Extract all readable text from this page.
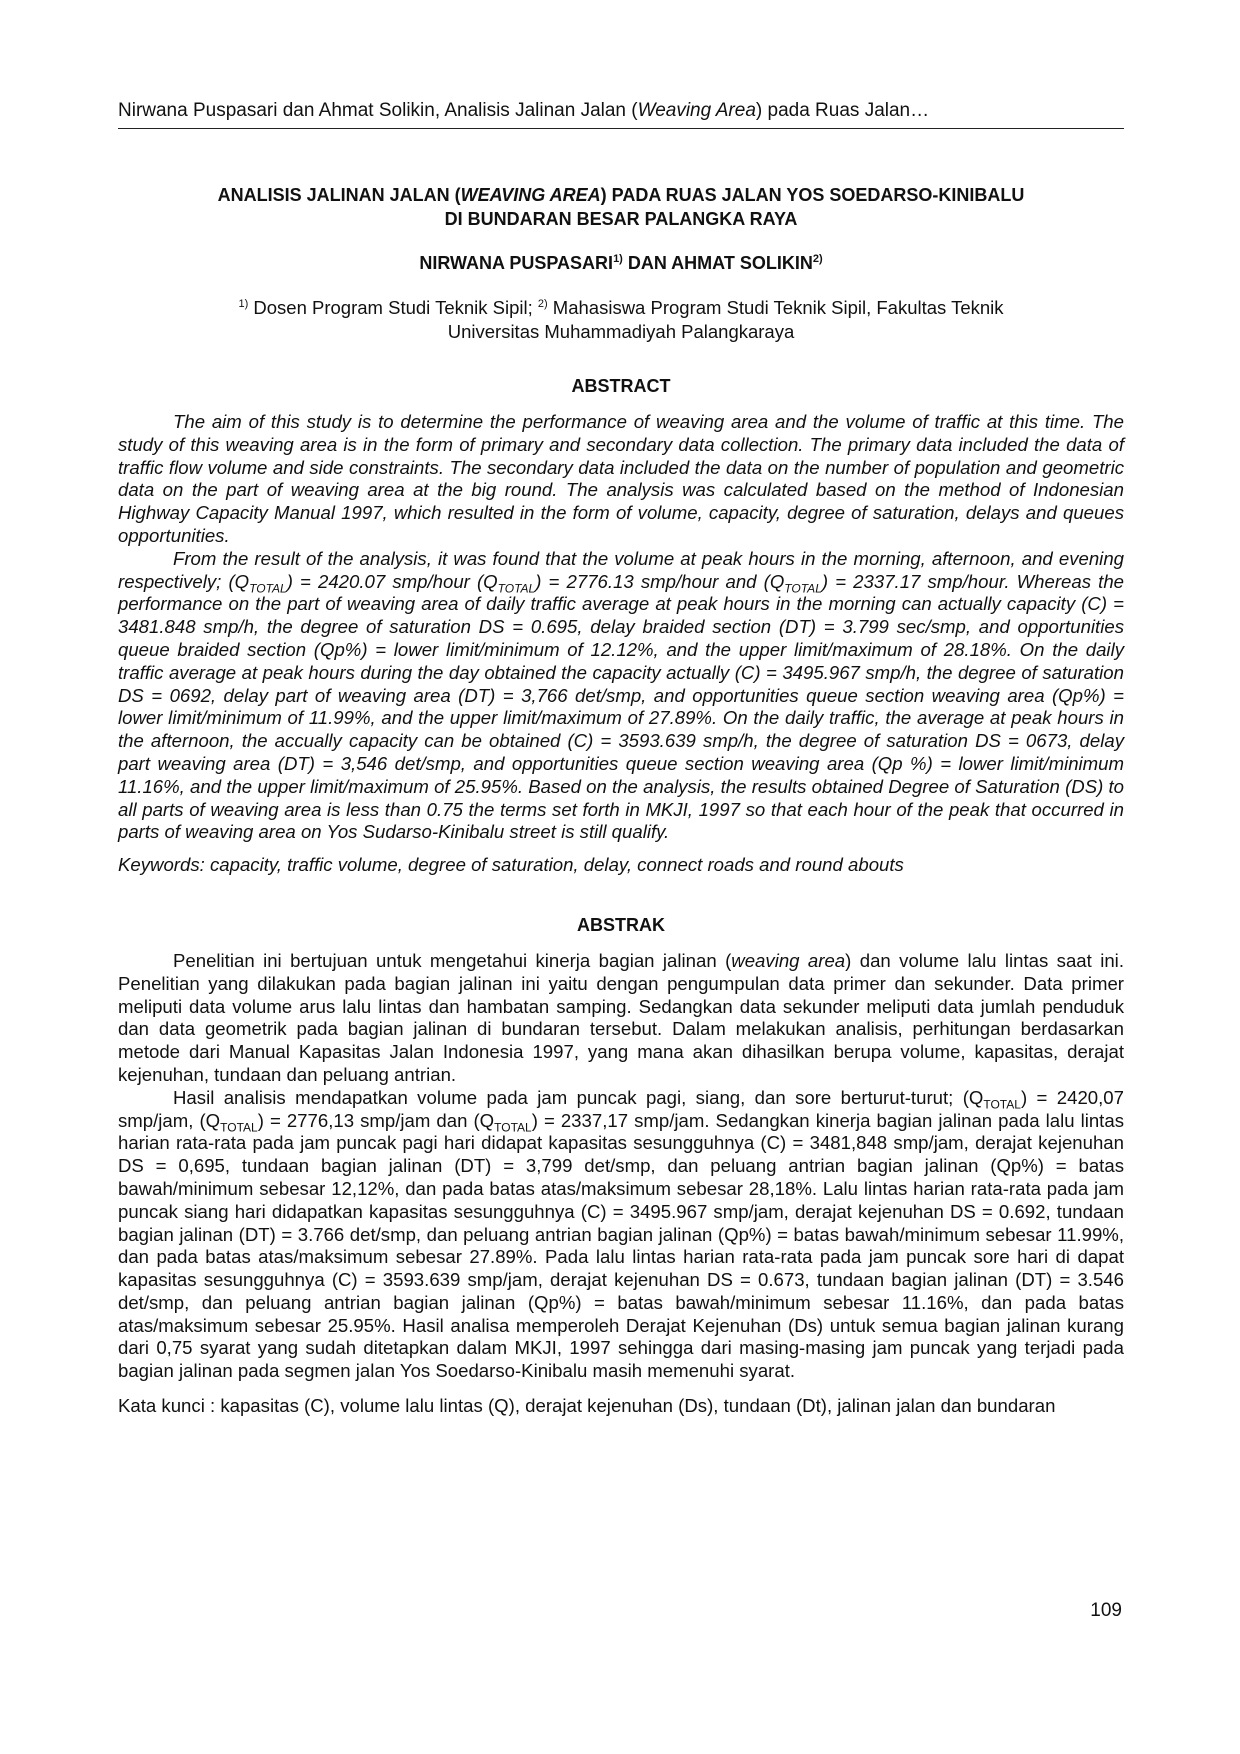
Nirwana Puspasari dan Ahmat Solikin, Analisis Jalinan Jalan (Weaving Area) pada Ruas Jalan…
ANALISIS JALINAN JALAN (WEAVING AREA) PADA RUAS JALAN YOS SOEDARSO-KINIBALU
DI BUNDARAN BESAR PALANGKA RAYA
NIRWANA PUSPASARI$^{1)}$ DAN AHMAT SOLIKIN$^{2)}$
$^{1)}$ Dosen Program Studi Teknik Sipil; $^{2)}$ Mahasiswa Program Studi Teknik Sipil, Fakultas Teknik
Universitas Muhammadiyah Palangkaraya
ABSTRACT

The aim of this study is to determine the performance of weaving area and the volume of traffic at this time. The study of this weaving area is in the form of primary and secondary data collection. The primary data included the data of traffic flow volume and side constraints. The secondary data included the data on the number of population and geometric data on the part of weaving area at the big round. The analysis was calculated based on the method of Indonesian Highway Capacity Manual 1997, which resulted in the form of volume, capacity, degree of saturation, delays and queues opportunities.

From the result of the analysis, it was found that the volume at peak hours in the morning, afternoon, and evening respectively; $(Q_{TOTAL}) = 2420.07$ smp/hour $(Q_{TOTAL}) = 2776.13$ smp/hour and $(Q_{TOTAL}) = 2337.17$ smp/hour. Whereas the performance on the part of weaving area of daily traffic average at peak hours in the morning can actually capacity (C) = 3481.848 smp/h, the degree of saturation DS = 0.695, delay braided section (DT) = 3.799 sec/smp, and opportunities queue braided section (Qp%) = lower limit/minimum of 12.12%, and the upper limit/maximum of 28.18%. On the daily traffic average at peak hours during the day obtained the capacity actually (C) = 3495.967 smp/h, the degree of saturation DS = 0692, delay part of weaving area (DT) = 3,766 det/smp, and opportunities queue section weaving area (Qp%) = lower limit/minimum of 11.99%, and the upper limit/maximum of 27.89%. On the daily traffic, the average at peak hours in the afternoon, the accually capacity can be obtained (C) = 3593.639 smp/h, the degree of saturation DS = 0673, delay part weaving area (DT) = 3,546 det/smp, and opportunities queue section weaving area (Qp %) = lower limit/minimum 11.16%, and the upper limit/maximum of 25.95%. Based on the analysis, the results obtained Degree of Saturation (DS) to all parts of weaving area is less than 0.75 the terms set forth in MKJI, 1997 so that each hour of the peak that occurred in parts of weaving area on Yos Sudarso-Kinibalu street is still qualify.

Keywords: capacity, traffic volume, degree of saturation, delay, connect roads and round abouts
ABSTRAK

Penelitian ini bertujuan untuk mengetahui kinerja bagian jalinan (weaving area) dan volume lalu lintas saat ini. Penelitian yang dilakukan pada bagian jalinan ini yaitu dengan pengumpulan data primer dan sekunder. Data primer meliputi data volume arus lalu lintas dan hambatan samping. Sedangkan data sekunder meliputi data jumlah penduduk dan data geometrik pada bagian jalinan di bundaran tersebut. Dalam melakukan analisis, perhitungan berdasarkan metode dari Manual Kapasitas Jalan Indonesia 1997, yang mana akan dihasilkan berupa volume, kapasitas, derajat kejenuhan, tundaan dan peluang antrian.

Hasil analisis mendapatkan volume pada jam puncak pagi, siang, dan sore berturut-turut; $(Q_{TOTAL}) = 2420,07$ smp/jam, $(Q_{TOTAL}) = 2776,13$ smp/jam dan $(Q_{TOTAL}) = 2337,17$ smp/jam. Sedangkan kinerja bagian jalinan pada lalu lintas harian rata-rata pada jam puncak pagi hari didapat kapasitas sesungguhnya (C) = 3481,848 smp/jam, derajat kejenuhan DS = 0,695, tundaan bagian jalinan (DT) = 3,799 det/smp, dan peluang antrian bagian jalinan (Qp%) = batas bawah/minimum sebesar 12,12%, dan pada batas atas/maksimum sebesar 28,18%. Lalu lintas harian rata-rata pada jam puncak siang hari didapatkan kapasitas sesungguhnya (C) = 3495.967 smp/jam, derajat kejenuhan DS = 0.692, tundaan bagian jalinan (DT) = 3.766 det/smp, dan peluang antrian bagian jalinan (Qp%) = batas bawah/minimum sebesar 11.99%, dan pada batas atas/maksimum sebesar 27.89%. Pada lalu lintas harian rata-rata pada jam puncak sore hari di dapat kapasitas sesungguhnya (C) = 3593.639 smp/jam, derajat kejenuhan DS = 0.673, tundaan bagian jalinan (DT) = 3.546 det/smp, dan peluang antrian bagian jalinan (Qp%) = batas bawah/minimum sebesar 11.16%, dan pada batas atas/maksimum sebesar 25.95%. Hasil analisa memperoleh Derajat Kejenuhan (Ds) untuk semua bagian jalinan kurang dari 0,75 syarat yang sudah ditetapkan dalam MKJI, 1997 sehingga dari masing-masing jam puncak yang terjadi pada bagian jalinan pada segmen jalan Yos Soedarso-Kinibalu masih memenuhi syarat.

Kata kunci : kapasitas (C), volume lalu lintas (Q), derajat kejenuhan (Ds), tundaan (Dt), jalinan jalan dan bundaran
109
